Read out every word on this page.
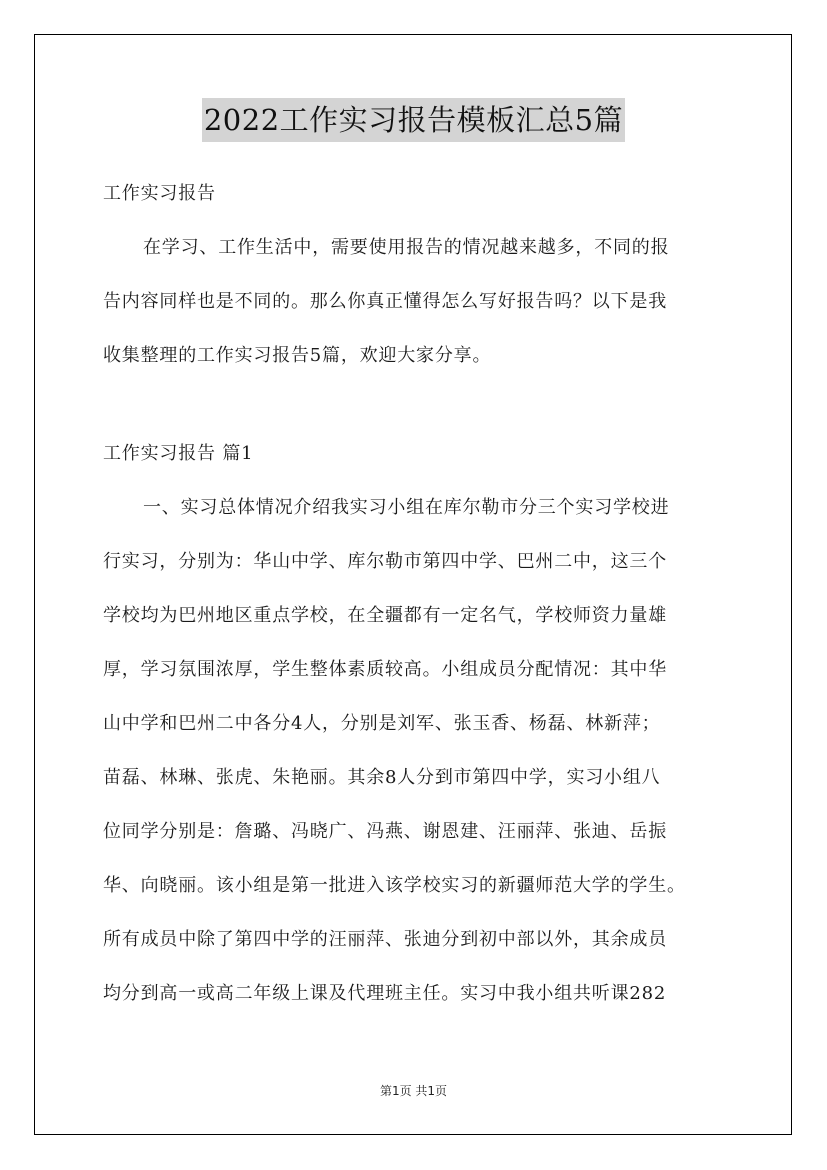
2022工作实习报告模板汇总5篇
工作实习报告
在学习、工作生活中，需要使用报告的情况越来越多，不同的报
告内容同样也是不同的。那么你真正懂得怎么写好报告吗？以下是我
收集整理的工作实习报告5篇，欢迎大家分享。
工作实习报告 篇1
一、实习总体情况介绍我实习小组在库尔勒市分三个实习学校进
行实习，分别为：华山中学、库尔勒市第四中学、巴州二中，这三个
学校均为巴州地区重点学校，在全疆都有一定名气，学校师资力量雄
厚，学习氛围浓厚，学生整体素质较高。小组成员分配情况：其中华
山中学和巴州二中各分4人，分别是刘军、张玉香、杨磊、林新萍；
苗磊、林琳、张虎、朱艳丽。其余8人分到市第四中学，实习小组八
位同学分别是：詹璐、冯晓广、冯燕、谢恩建、汪丽萍、张迪、岳振
华、向晓丽。该小组是第一批进入该学校实习的新疆师范大学的学生。
所有成员中除了第四中学的汪丽萍、张迪分到初中部以外，其余成员
均分到高一或高二年级上课及代理班主任。实习中我小组共听课282
第1页 共1页
